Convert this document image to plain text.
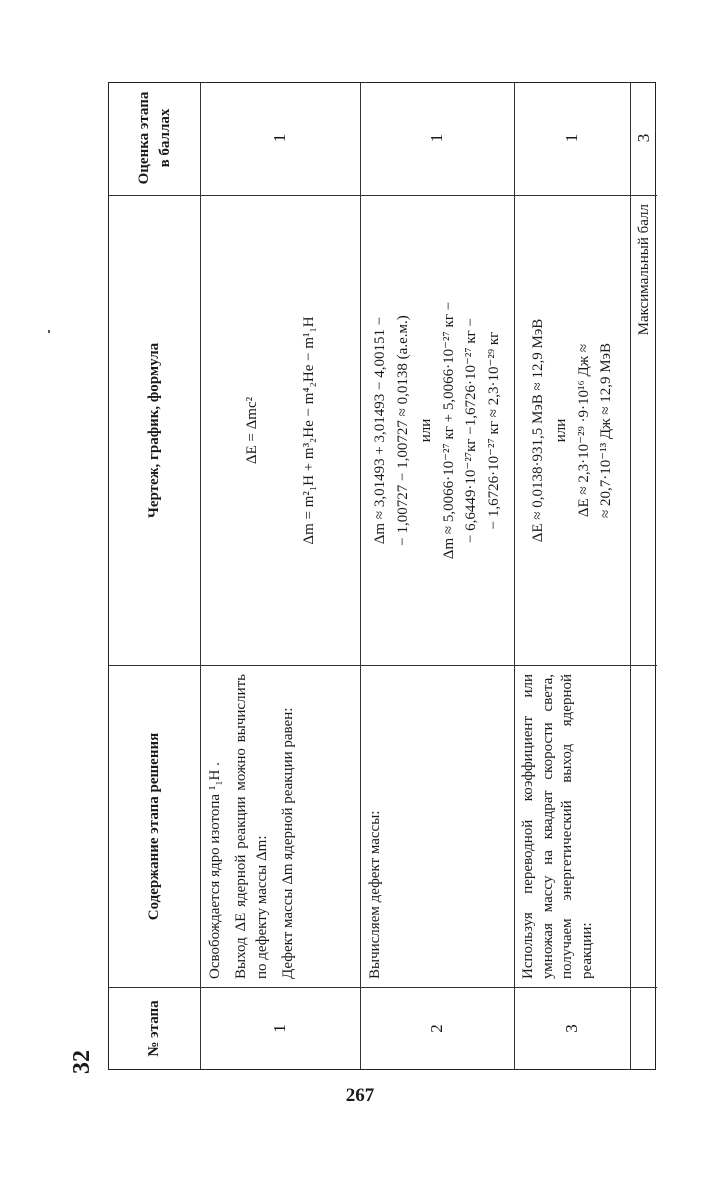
32
№ этапа
Содержание этапа решения
Чертеж, график, формула
Оценка этапа в баллах
1

Освобождается ядро изотопа ¹₁H . Выход ΔE ядерной реакции можно вычислить по дефекту массы Δm: Дефект массы Δm ядерной реакции равен:

ΔE = Δmc²	Δm = m²₁H + m³₂He − m⁴₂He − m¹₁H
1
2

Вычисляем дефект массы:

Δm ≈ 3,01493 + 3,01493 − 4,00151 − − 1,00727 − 1,00727 ≈ 0,0138 (а.е.м.) или Δm ≈ 5,0066·10⁻²⁷ кг + 5,0066·10⁻²⁷ кг − − 6,6449·10⁻²⁷кг −1,6726·10⁻²⁷ кг − − 1,6726·10⁻²⁷ кг ≈ 2,3·10⁻²⁹ кг
1
3

Используя переводной коэффициент или умножая массу на квадрат скорости света, получаем энергетический выход ядерной реакции:

ΔE ≈ 0,0138·931,5 МэВ ≈ 12,9 МэВ или ΔE ≈ 2,3·10⁻²⁹ ·9·10¹⁶ Дж ≈ ≈ 20,7·10⁻¹³ Дж ≈ 12,9 МэВ
1
Максимальный балл
3
267
